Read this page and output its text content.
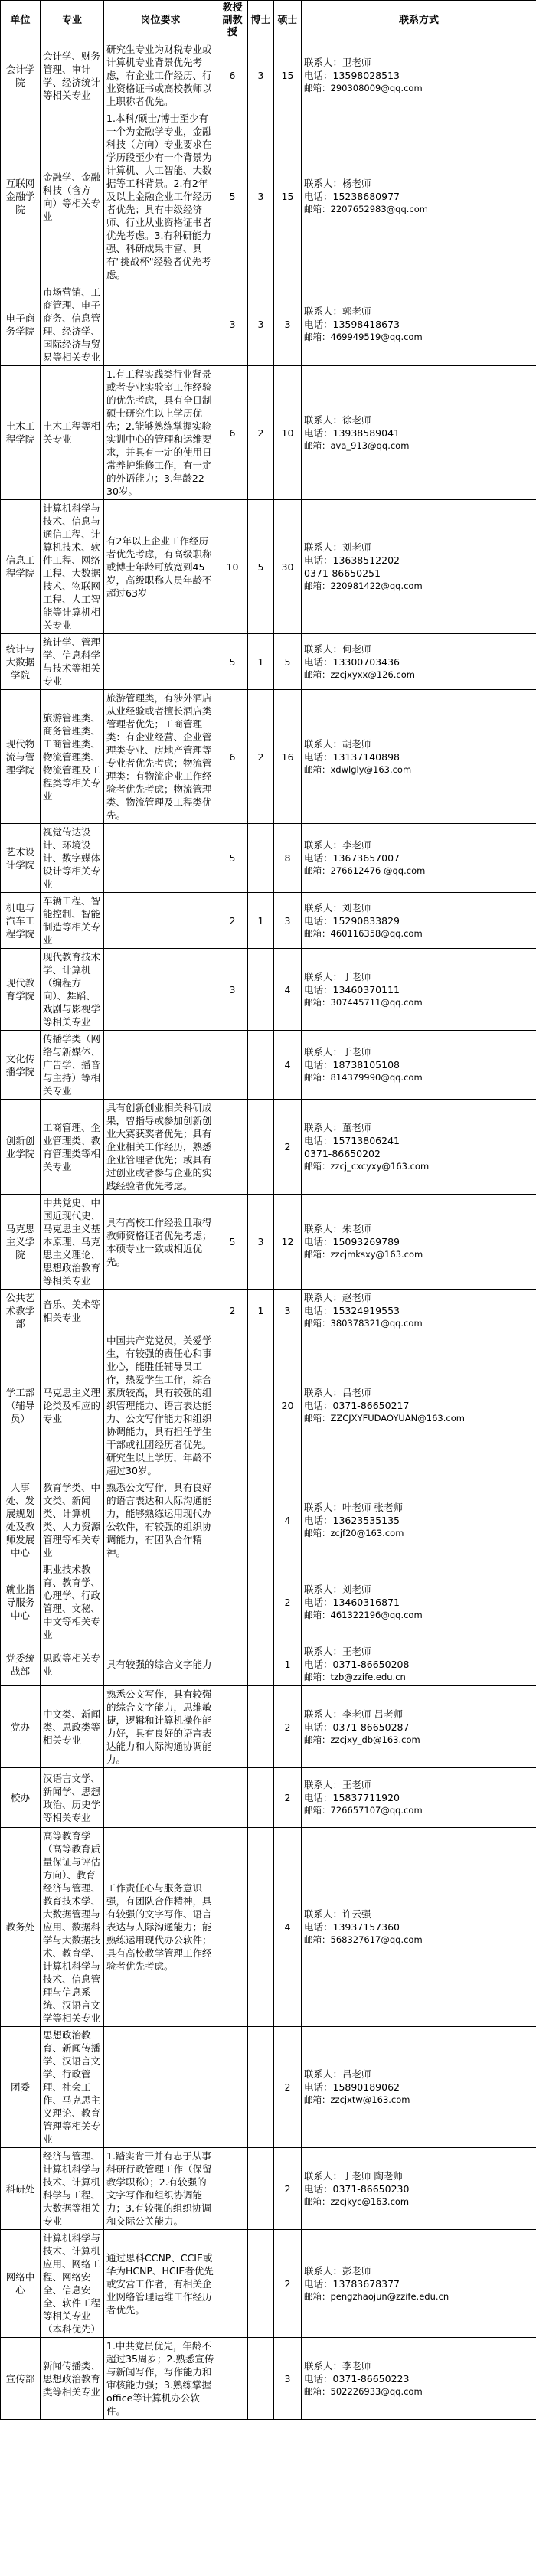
单位	专业	岗位要求	教授副教授	博士	硕士	联系方式
会计学院	会计学、财务管理、审计学、经济统计等相关专业	研究生专业为财税专业或计算机专业背景优先考虑，有企业工作经历、行业资格证书或高校教师以上职称者优先。	6	3	15	联系人：卫老师
电话：13598028513
邮箱：290308009@qq.com

互联网金融学院	金融学、金融科技（含方向）等相关专业	1.本科/硕士/博士至少有一个为金融学专业，金融科技（方向）专业要求在学历段至少有一个背景为计算机、人工智能、大数据等工科背景。2.有2年及以上金融企业工作经历者优先；具有中级经济师、行业从业资格证书者优先考虑。3.有科研能力强、科研成果丰富、具有"挑战杯"经验者优先考虑。	5	3	15	联系人：杨老师
电话：15238680977
邮箱：2207652983@qq.com

电子商务学院	市场营销、工商管理、电子商务、信息管理、经济学、国际经济与贸易等相关专业		3	3	3	联系人：郭老师
电话：13598418673
邮箱：469949519@qq.com

土木工程学院	土木工程等相关专业	1.有工程实践类行业背景或者专业实验室工作经验的优先考虑，具有全日制硕士研究生以上学历优先；2.能够熟练掌握实验实训中心的管理和运维要求，并具有一定的使用日常养护维修工作，有一定的外语能力；3.年龄22-30岁。	6	2	10	联系人：徐老师
电话：13938589041
邮箱：ava_913@qq.com

信息工程学院	计算机科学与技术、信息与通信工程、计算机技术、软件工程、网络工程、大数据技术、物联网工程、人工智能等计算机相关专业	有2年以上企业工作经历者优先考虑，有高级职称或博士年龄可放宽到45岁，高级职称人员年龄不超过63岁	10	5	30	联系人：刘老师
电话：13638512202
0371-86650251
邮箱：220981422@qq.com

统计与大数据学院	统计学、管理学、信息科学与技术等相关专业		5	1	5	联系人：何老师
电话：13300703436
邮箱：zzcjxyxx@126.com

现代物流与管理学院	旅游管理类、商务管理类、工商管理类、物流管理类、物流管理及工程类等相关专业	旅游管理类，有涉外酒店从业经验或者擅长酒店类管理者优先；工商管理类：有企业经营、企业管理类专业、房地产管理等专业者优先考虑；物流管理类：有物流企业工作经验者优先考虑；物流管理类、物流管理及工程类优先。	6	2	16	联系人：胡老师
电话：13137140898
邮箱：xdwlgly@163.com

艺术设计学院	视觉传达设计、环境设计、数字媒体设计等相关专业		5		8	联系人：李老师
电话：13673657007
邮箱：276612476 @qq.com

机电与汽车工程学院	车辆工程、智能控制、智能制造等相关专业		2	1	3	联系人：刘老师
电话：15290833829
邮箱：460116358@qq.com

现代教育学院	现代教育技术学、计算机（编程方向）、舞蹈、戏剧与影视学等相关专业		3		4	联系人：丁老师
电话：13460370111
邮箱：307445711@qq.com

文化传播学院	传播学类（网络与新媒体、广告学、播音与主持）等相关专业				4	联系人：于老师
电话：18738105108
邮箱：814379990@qq.com

创新创业学院	工商管理、企业管理类、教育管理类等相关专业	具有创新创业相关科研成果，曾指导或参加创新创业大赛获奖者优先；具有企业相关工作经历，熟悉企业管理者优先；或具有过创业或者参与企业的实践经验者优先考虑。			2	联系人：董老师
电话：15713806241
0371-86650202
邮箱：zzcj_cxcyxy@163.com

马克思主义学院	中共党史、中国近现代史、马克思主义基本原理、马克思主义理论、思想政治教育等相关专业	具有高校工作经验且取得教师资格证者优先考虑；本硕专业一致或相近优先。	5	3	12	联系人：朱老师
电话：15093269789
邮箱：zzcjmksxy@163.com

公共艺术教学部	音乐、美术等相关专业		2	1	3	联系人：赵老师
电话：15324919553
邮箱：380378321@qq.com

学工部（辅导员）	马克思主义理论类及相应的专业	中国共产党党员，关爱学生，有较强的责任心和事业心，能胜任辅导员工作，热爱学生工作，综合素质较高，具有较强的组织管理能力、语言表达能力、公文写作能力和组织协调能力，具有担任学生干部或社团经历者优先。研究生以上学历，年龄不超过30岁。			20	联系人：吕老师
电话：0371-86650217
邮箱：ZZCJXYFUDAOYUAN@163.com

人事处、发展规划处及教师发展中心	教育学类、中文类、新闻类、计算机类、人力资源管理等相关专业	熟悉公文写作，具有良好的语言表达和人际沟通能力，能够熟练运用现代办公软件，有较强的组织协调能力，有团队合作精神。			4	联系人：叶老师 张老师
电话：13623535135
邮箱：zcjf20@163.com

就业指导服务中心	职业技术教育、教育学、心理学、行政管理、文秘、中文等相关专业				2	联系人：刘老师
电话：13460316871
邮箱：461322196@qq.com

党委统战部	思政等相关专业	具有较强的综合文字能力			1	联系人：王老师
电话：0371-86650208
邮箱：tzb@zzife.edu.cn

党办	中文类、新闻类、思政类等相关专业	熟悉公文写作，具有较强的综合文字能力，思维敏捷，逻辑和计算机操作能力好，具有良好的语言表达能力和人际沟通协调能力。			2	联系人：李老师 吕老师
电话：0371-86650287
邮箱：zzcjxy_db@163.com

校办	汉语言文学、新闻学、思想政治、历史学等相关专业				2	联系人：王老师
电话：15837711920
邮箱：726657107@qq.com

教务处	高等教育学（高等教育质量保证与评估方向）、教育经济与管理、教育技术学、大数据管理与应用、数据科学与大数据技术、教育学、计算机科学与技术、信息管理与信息系统、汉语言文学等相关专业	工作责任心与服务意识强，有团队合作精神，具有较强的文字写作、语言表达与人际沟通能力；能熟练运用现代办公软件；具有高校教学管理工作经验者优先考虑。			4	联系人：许云强
电话：13937157360
邮箱：568327617@qq.com

团委	思想政治教育、新闻传播学、汉语言文学、行政管理、社会工作、马克思主义理论、教育管理等相关专业				2	联系人：吕老师
电话：15890189062
邮箱：zzcjxtw@163.com

科研处	经济与管理、计算机科学与技术、计算机科学与工程、大数据等相关专业	1.踏实肯干并有志于从事科研行政管理工作（保留教学职称）；2.有较强的文字写作和组织协调能力；3.有较强的组织协调和交际公关能力。			2	联系人：丁老师 陶老师
电话：0371-86650230
邮箱：zzcjkyc@163.com

网络中心	计算机科学与技术、计算机应用、网络工程、网络安全、信息安全、软件工程等相关专业（本科优先）	通过思科CCNP、CCIE或华为HCNP、HCIE者优先或安营工作者，有相关企业网络管理运维工作经历者优先。			2	联系人：彭老师
电话：13783678377
邮箱：pengzhaojun@zzife.edu.cn

宣传部	新闻传播类、思想政治教育类等相关专业	1.中共党员优先，年龄不超过35周岁；2.熟悉宣传与新闻写作，写作能力和审核能力强；3.熟练掌握office等计算机办公软件。			3	联系人：李老师
电话：0371-86650223
邮箱：502226933@qq.com
